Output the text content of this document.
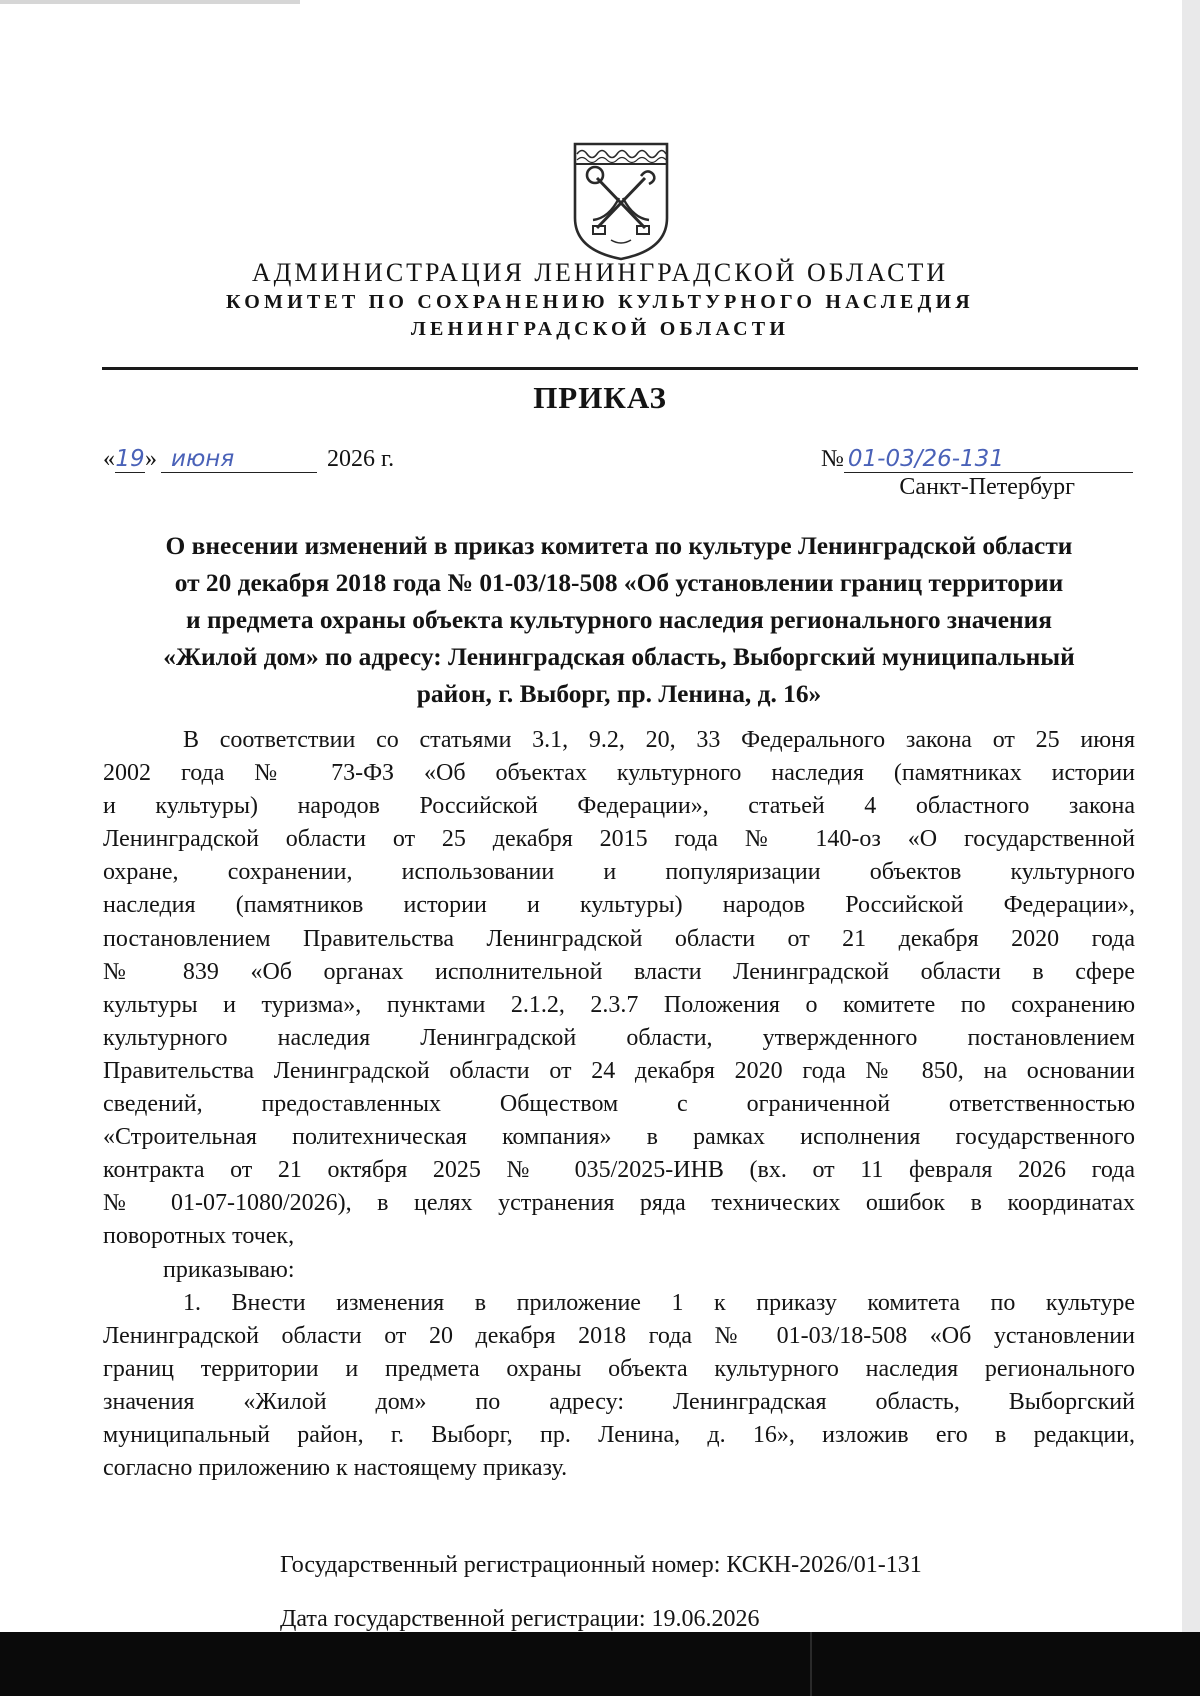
АДМИНИСТРАЦИЯ ЛЕНИНГРАДСКОЙ ОБЛАСТИ
КОМИТЕТ ПО СОХРАНЕНИЮ КУЛЬТУРНОГО НАСЛЕДИЯ
ЛЕНИНГРАДСКОЙ ОБЛАСТИ
ПРИКАЗ
«19» июня	2026 г.	№ 01-03/26-131
Санкт-Петербург
О внесении изменений в приказ комитета по культуре Ленинградской области
от 20 декабря 2018 года № 01-03/18-508 «Об установлении границ территории
и предмета охраны объекта культурного наследия регионального значения
«Жилой дом» по адресу: Ленинградская область, Выборгский муниципальный
район, г. Выборг, пр. Ленина, д. 16»
В соответствии со статьями 3.1, 9.2, 20, 33 Федерального закона от 25 июня
2002 года № 73-ФЗ «Об объектах культурного наследия (памятниках истории
и культуры) народов Российской Федерации», статьей 4 областного закона
Ленинградской области от 25 декабря 2015 года № 140-оз «О государственной
охране, сохранении, использовании и популяризации объектов культурного
наследия (памятников истории и культуры) народов Российской Федерации»,
постановлением Правительства Ленинградской области от 21 декабря 2020 года
№ 839 «Об органах исполнительной власти Ленинградской области в сфере
культуры и туризма», пунктами 2.1.2, 2.3.7 Положения о комитете по сохранению
культурного наследия Ленинградской области, утвержденного постановлением
Правительства Ленинградской области от 24 декабря 2020 года № 850, на основании
сведений, предоставленных Обществом с ограниченной ответственностью
«Строительная политехническая компания» в рамках исполнения государственного
контракта от 21 октября 2025 № 035/2025-ИНВ (вх. от 11 февраля 2026 года
№ 01-07-1080/2026), в целях устранения ряда технических ошибок в координатах
поворотных точек,
приказываю:
1. Внести изменения в приложение 1 к приказу комитета по культуре
Ленинградской области от 20 декабря 2018 года № 01-03/18-508 «Об установлении
границ территории и предмета охраны объекта культурного наследия регионального
значения «Жилой дом» по адресу: Ленинградская область, Выборгский
муниципальный район, г. Выборг, пр. Ленина, д. 16», изложив его в редакции,
согласно приложению к настоящему приказу.
Государственный регистрационный номер: КСКН-2026/01-131
Дата государственной регистрации: 19.06.2026
